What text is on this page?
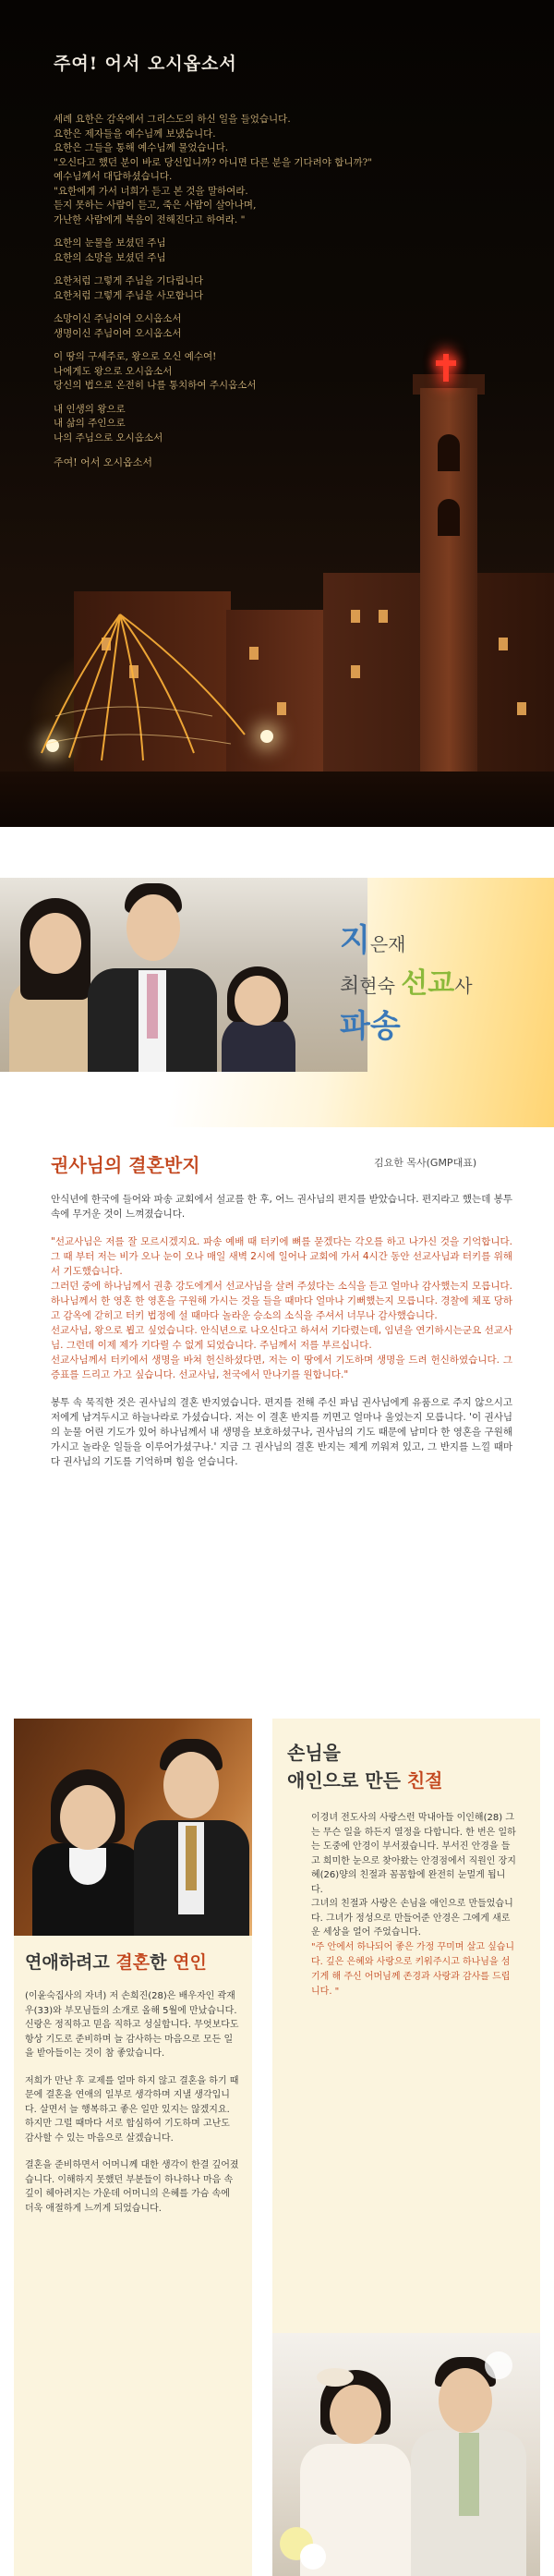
주여! 어서 오시옵소서
세례 요한은 감옥에서 그리스도의 하신 일을 들었습니다.
요한은 제자들을 예수님께 보냈습니다.
요한은 그들을 통해 예수님께 물었습니다.
"오신다고 했던 분이 바로 당신입니까? 아니면 다른 분을 기다려야 합니까?"
예수님께서 대답하셨습니다.
"요한에게 가서 너희가 듣고 본 것을 말하여라.
듣지 못하는 사람이 듣고, 죽은 사람이 살아나며,
가난한 사람에게 복음이 전해진다고 하여라. "
요한의 눈물을 보셨던 주님
요한의 소망을 보셨던 주님
요한처럼 그렇게 주님을 기다립니다
요한처럼 그렇게 주님을 사모합니다
소망이신 주님이여 오시옵소서
생명이신 주님이여 오시옵소서
이 땅의 구세주로, 왕으로 오신 예수여!
나에게도 왕으로 오시옵소서
당신의 법으로 온전히 나를 통치하여 주시옵소서
내 인생의 왕으로
내 삶의 주인으로
나의 주님으로 오시옵소서
주여! 어서 오시옵소서
지은재
최현숙 선교사
파송
권사님의 결혼반지	김요한 목사(GMP대표)

안식년에 한국에 들어와 파송 교회에서 설교를 한 후, 어느 권사님의 편지를 받았습니다. 편지라고 했는데 봉투 속에 무거운 것이 느껴졌습니다.

"선교사님은 저를 잘 모르시겠지요. 파송 예배 때 터키에 뼈를 묻겠다는 각오를 하고 나가신 것을 기억합니다. 그 때 부터 저는 비가 오나 눈이 오나 매일 새벽 2시에 일어나 교회에 가서 4시간 동안 선교사님과 터키를 위해서 기도했습니다.

그러던 중에 하나님께서 권총 강도에게서 선교사님을 살려 주셨다는 소식을 듣고 얼마나 감사했는지 모릅니다. 하나님께서 한 영혼 한 영혼을 구원해 가시는 것을 들을 때마다 얼마나 기뻐했는지 모릅니다. 경찰에 체포 당하고 감옥에 갇히고 터키 법정에 설 때마다 놀라운 승소의 소식을 주셔서 너무나 감사했습니다.

선교사님, 왕으로 뵙고 싶었습니다. 안식년으로 나오신다고 하셔서 기다렸는데, 임년을 연기하시는군요 선교사님. 그런데 이제 제가 기다릴 수 없게 되었습니다. 주님께서 저를 부르십니다.

선교사님께서 터키에서 생명을 바쳐 헌신하셨다면, 저는 이 땅에서 기도하며 생명을 드려 헌신하였습니다. 그 증표를 드리고 가고 싶습니다. 선교사님, 천국에서 만나기를 원합니다."

봉투 속 묵직한 것은 권사님의 결혼 반지였습니다. 편지를 전해 주신 파님 권사님에게 유품으로 주지 않으시고 저에게 남겨두시고 하늘나라로 가셨습니다. 저는 이 결혼 반지를 끼면고 얼마나 울었는지 모릅니다. '이 권사님의 눈물 어린 기도가 있어 하나님께서 내 생명을 보호하셨구나, 권사님의 기도 때문에 남미다 한 영혼을 구원해 가시고 놀라운 일들을 이루어가셨구나.' 지금 그 권사님의 결혼 반지는 제게 끼워져 있고, 그 반지를 느낄 때마다 권사님의 기도를 기억하며 힘을 얻습니다.

연애하려고 결혼한 연인

(이윤숙집사의 자녀) 저 손희진(28)은 배우자인 곽재우(33)와 부모님들의 소개로 올해 5월에 만났습니다. 신랑은 정직하고 믿음 직하고 성실합니다. 무엇보다도 항상 기도로 준비하며 늘 감사하는 마음으로 모든 일을 받아들이는 것이 참 좋았습니다.

저희가 만난 후 교제를 얼마 하지 않고 결혼을 하기 때문에 결혼을 연애의 일부로 생각하며 지낼 생각입니다. 살면서 늘 행복하고 좋은 일만 있지는 않겠지요. 하지만 그럴 때마다 서로 합심하여 기도하며 고난도 감사할 수 있는 마음으로 살겠습니다.

결혼을 준비하면서 어머니께 대한 생각이 한결 깊어졌습니다. 이해하지 못했던 부분들이 하나하나 마음 속 깊이 헤아려지는 가운데 어머니의 은혜를 가슴 속에 더욱 애절하게 느끼게 되었습니다.

손님을
애인으로 만든 친절

이경녀 전도사의 사랑스런 막내아들 이인해(28) 그는 무슨 일을 하든지 열정을 다합니다. 한 번은 일하는 도중에 안경이 부서졌습니다. 부서진 안경을 들고 희미한 눈으로 찾아왔는 안경점에서 직원인 장지혜(26)양의 친절과 꼼꼼함에 완전히 눈멀게 됩니다.

그녀의 친절과 사랑은 손님을 애인으로 만들었습니다. 그녀가 정성으로 만들어준 안경은 그에게 새로운 세상을 얼어 주었습니다.

"주 안에서 하나되어 좋은 가정 꾸미며 살고 싶습니다. 깊은 은혜와 사랑으로 키워주시고 하나님을 섬기게 해 주신 어머님께 존경과 사랑과 감사를 드립니다. "
